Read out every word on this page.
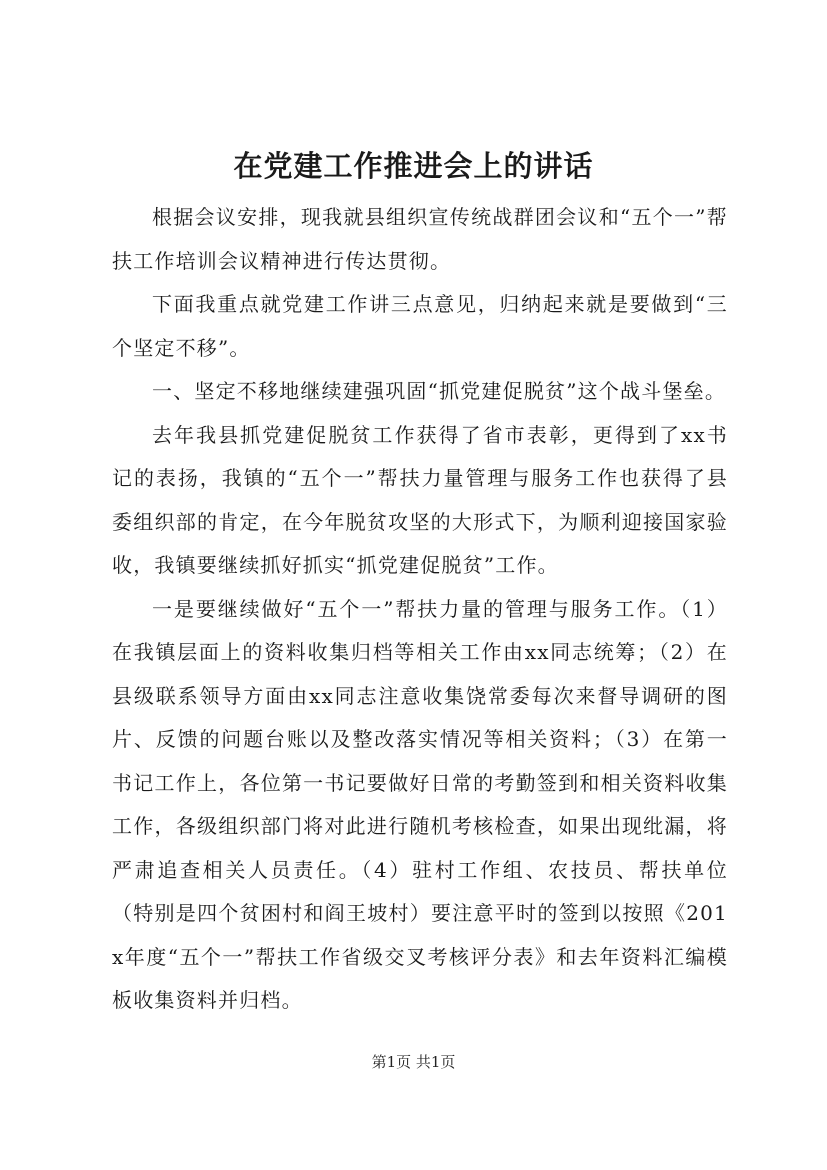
在党建工作推进会上的讲话

根据会议安排，现我就县组织宣传统战群团会议和“五个一”帮扶工作培训会议精神进行传达贯彻。

下面我重点就党建工作讲三点意见，归纳起来就是要做到“三个坚定不移”。

一、坚定不移地继续建强巩固“抓党建促脱贫”这个战斗堡垒。

去年我县抓党建促脱贫工作获得了省市表彰，更得到了xx书记的表扬，我镇的“五个一”帮扶力量管理与服务工作也获得了县委组织部的肯定，在今年脱贫攻坚的大形式下，为顺利迎接国家验收，我镇要继续抓好抓实“抓党建促脱贫”工作。

一是要继续做好“五个一”帮扶力量的管理与服务工作。（1）在我镇层面上的资料收集归档等相关工作由xx同志统筹；（2）在县级联系领导方面由xx同志注意收集饶常委每次来督导调研的图片、反馈的问题台账以及整改落实情况等相关资料；（3）在第一书记工作上，各位第一书记要做好日常的考勤签到和相关资料收集工作，各级组织部门将对此进行随机考核检查，如果出现纰漏，将严肃追查相关人员责任。（4）驻村工作组、农技员、帮扶单位（特别是四个贫困村和阎王坡村）要注意平时的签到以按照《201x年度“五个一”帮扶工作省级交叉考核评分表》和去年资料汇编模板收集资料并归档。

第1页 共1页
